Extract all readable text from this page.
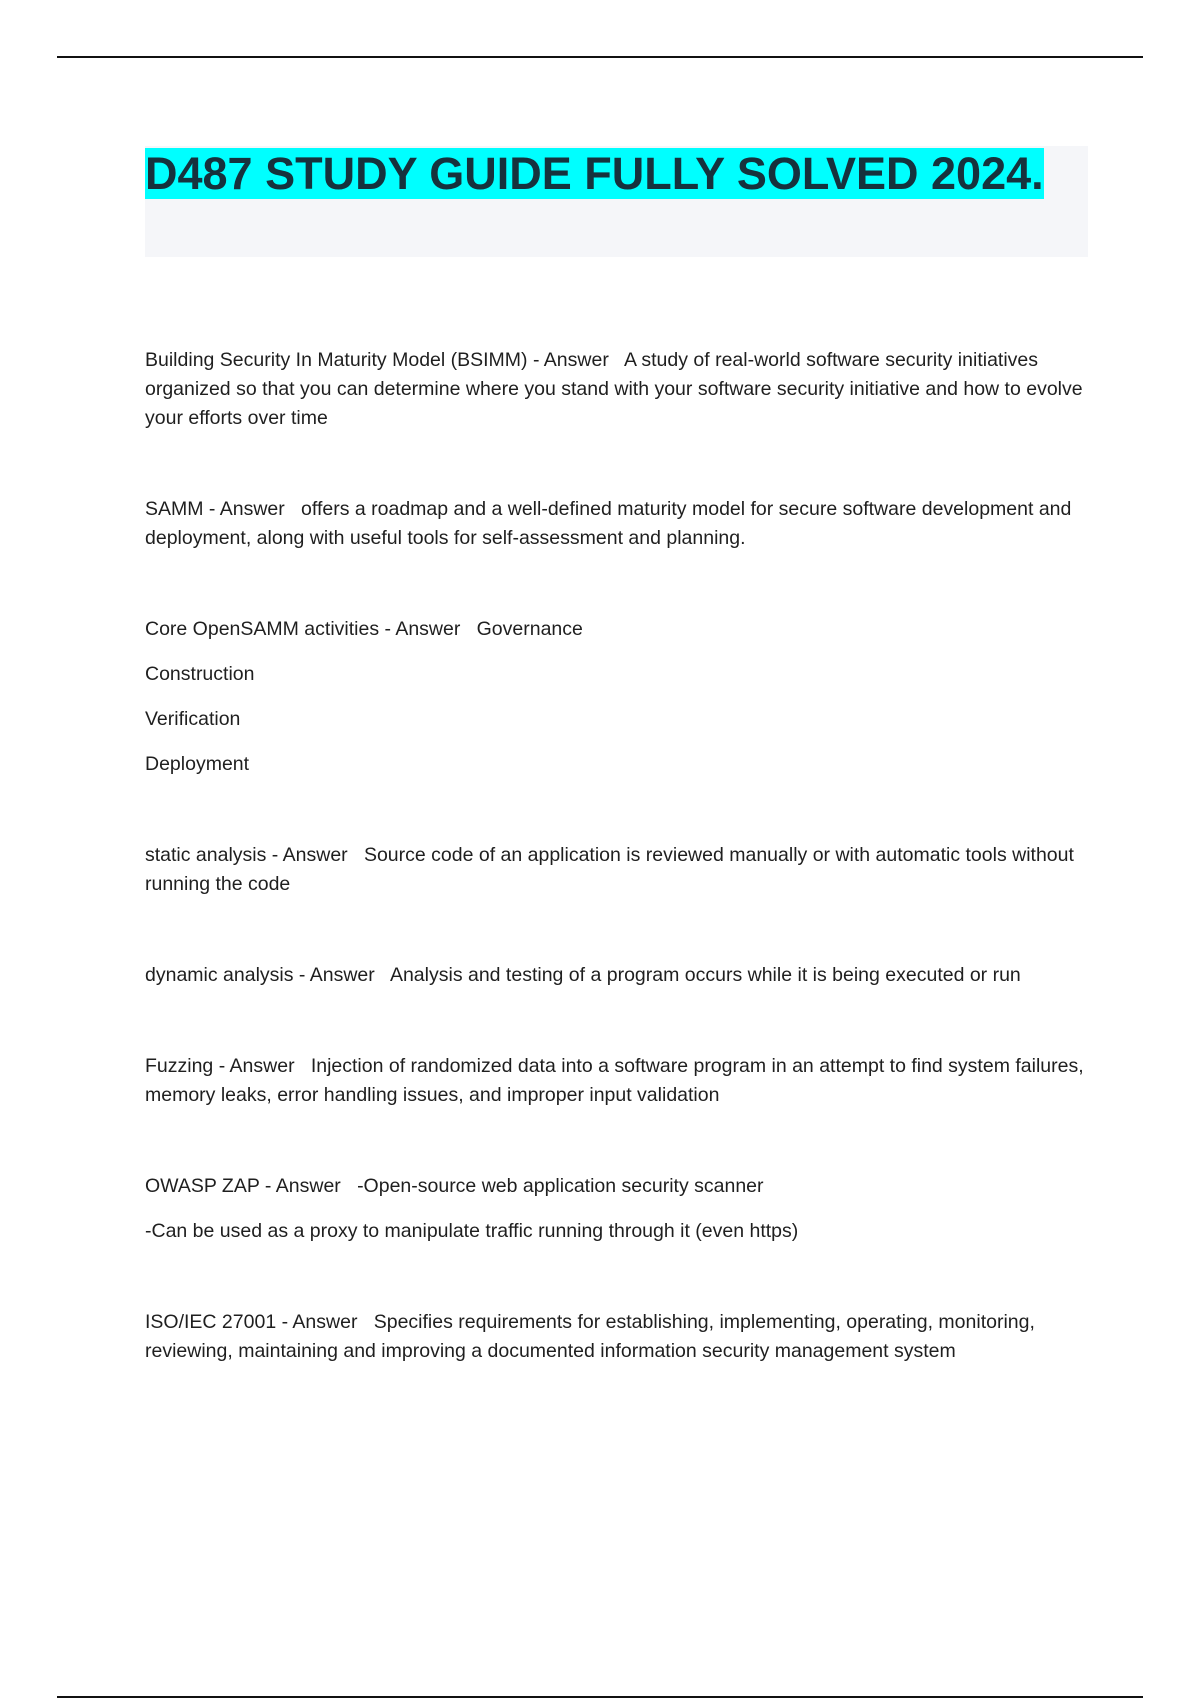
D487 STUDY GUIDE FULLY SOLVED 2024.

Building Security In Maturity Model (BSIMM) - Answer A study of real-world software security initiatives organized so that you can determine where you stand with your software security initiative and how to evolve your efforts over time

SAMM - Answer offers a roadmap and a well-defined maturity model for secure software development and deployment, along with useful tools for self-assessment and planning.

Core OpenSAMM activities - Answer Governance

Construction

Verification

Deployment

static analysis - Answer Source code of an application is reviewed manually or with automatic tools without running the code

dynamic analysis - Answer Analysis and testing of a program occurs while it is being executed or run

Fuzzing - Answer Injection of randomized data into a software program in an attempt to find system failures, memory leaks, error handling issues, and improper input validation

OWASP ZAP - Answer -Open-source web application security scanner

-Can be used as a proxy to manipulate traffic running through it (even https)

ISO/IEC 27001 - Answer Specifies requirements for establishing, implementing, operating, monitoring, reviewing, maintaining and improving a documented information security management system
